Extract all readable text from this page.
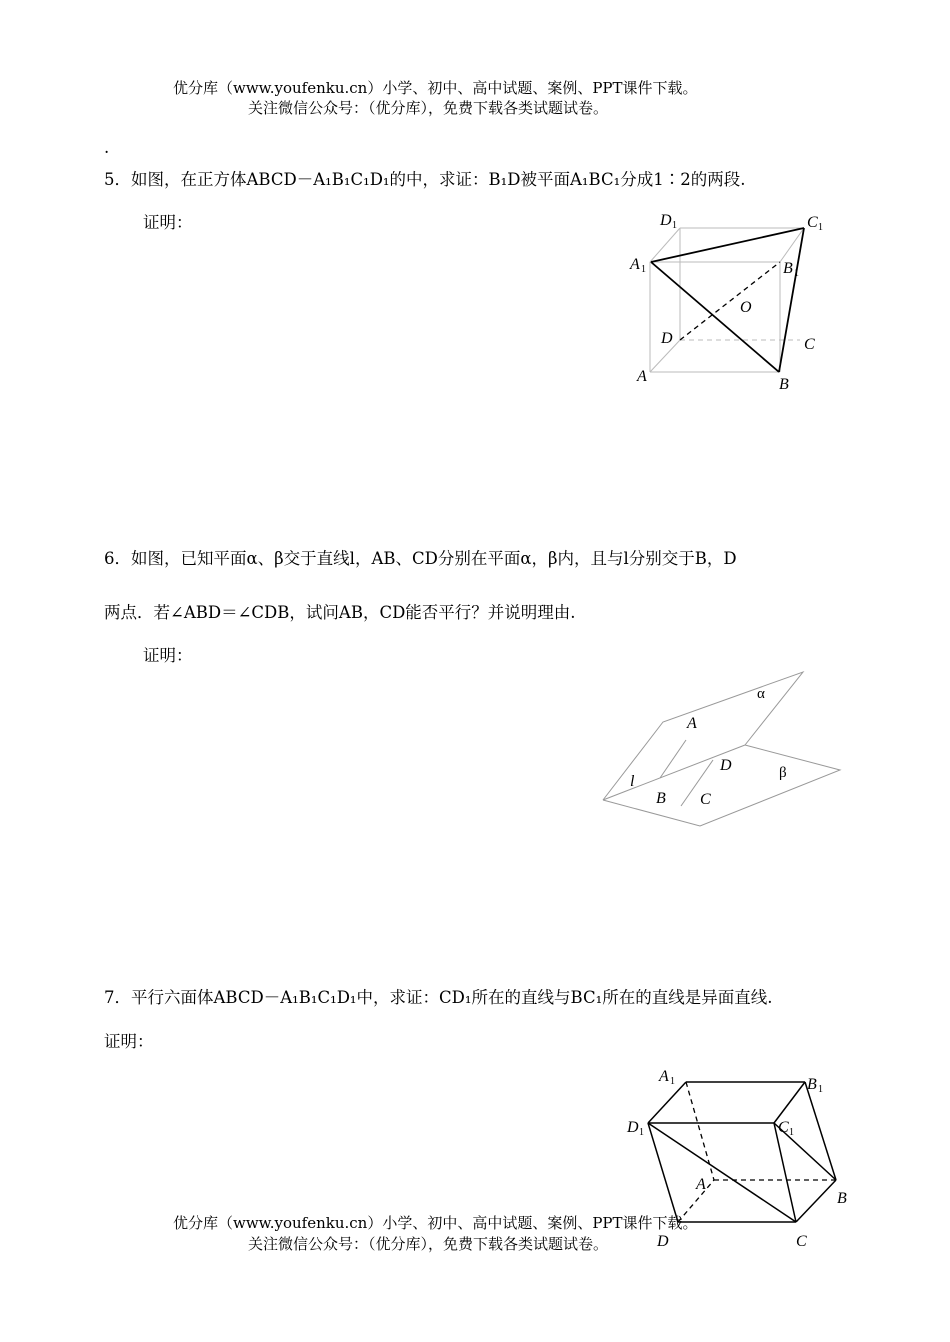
优分库（www.youfenku.cn）小学、初中、高中试题、案例、PPT课件下载。
关注微信公众号：（优分库），免费下载各类试题试卷。
.
5．如图，在正方体ABCD－A₁B₁C₁D₁的中，求证：B₁D被平面A₁BC₁分成1∶2的两段.
证明：	D 1	C 1
A 1	B 1
O
D	C
A	B
6．如图，已知平面α、β交于直线l，AB、CD分别在平面α，β内，且与l分别交于B，D
两点．若∠ABD＝∠CDB，试问AB，CD能否平行？并说明理由.
证明：
α
A
D	β
l
B C
7．平行六面体ABCD－A₁B₁C₁D₁中，求证：CD₁所在的直线与BC₁所在的直线是异面直线.
证明：
A 1	B 1
D 1	C 1
A
B
D	C
优分库（www.youfenku.cn）小学、初中、高中试题、案例、PPT课件下载。
关注微信公众号：（优分库），免费下载各类试题试卷。
